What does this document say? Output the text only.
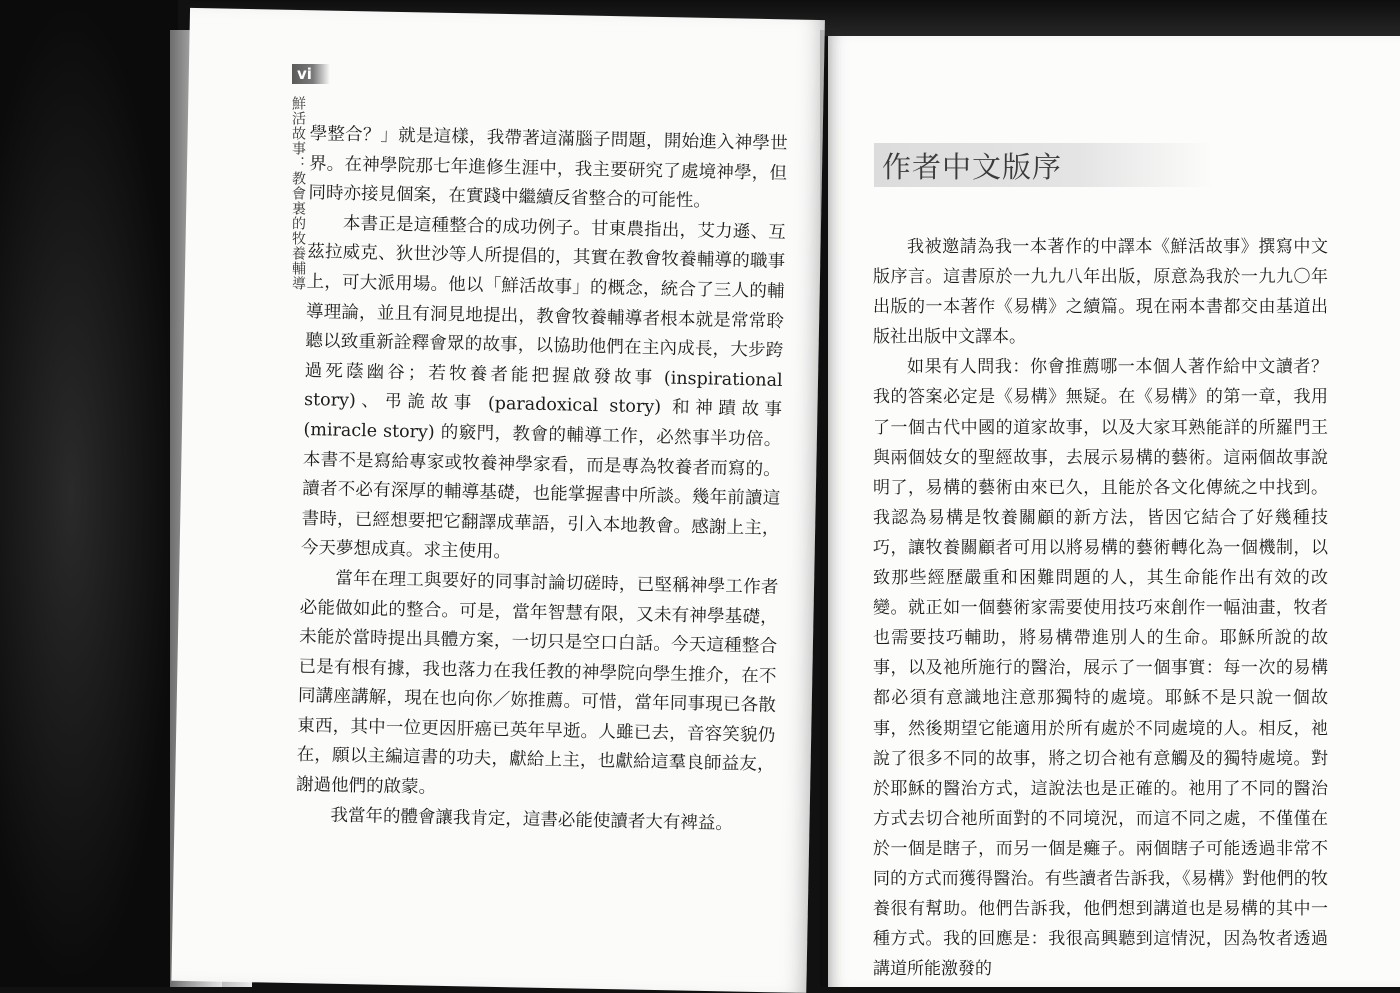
vi
鮮活故事：教會裏的牧養輔導 學整合？」就是這樣，我帶著這滿腦子問題，開始進入神學世界。在神學院那七年進修生涯中，我主要研究了處境神學，但同時亦接見個案，在實踐中繼續反省整合的可能性。

本書正是這種整合的成功例子。甘東農指出，艾力遜、互茲拉威克、狄世沙等人所提倡的，其實在教會牧養輔導的職事上，可大派用場。他以「鮮活故事」的概念，統合了三人的輔導理論，並且有洞見地提出，教會牧養輔導者根本就是常常聆聽以致重新詮釋會眾的故事，以協助他們在主內成長，大步跨過死蔭幽谷；若牧養者能把握啟發故事 (inspirational story)、弔詭故事 (paradoxical story) 和神蹟故事 (miracle story) 的竅門，教會的輔導工作，必然事半功倍。本書不是寫給專家或牧養神學家看，而是專為牧養者而寫的。讀者不必有深厚的輔導基礎，也能掌握書中所談。幾年前讀這書時，已經想要把它翻譯成華語，引入本地教會。感謝上主，今天夢想成真。求主使用。

當年在理工與要好的同事討論切磋時，已堅稱神學工作者必能做如此的整合。可是，當年智慧有限，又未有神學基礎，未能於當時提出具體方案，一切只是空口白話。今天這種整合已是有根有據，我也落力在我任教的神學院向學生推介，在不同講座講解，現在也向你／妳推薦。可惜，當年同事現已各散東西，其中一位更因肝癌已英年早逝。人雖已去，音容笑貌仍在，願以主編這書的功夫，獻給上主，也獻給這羣良師益友，謝過他們的啟蒙。

我當年的體會讓我肯定，這書必能使讀者大有裨益。

作者中文版序

我被邀請為我一本著作的中譯本《鮮活故事》撰寫中文版序言。這書原於一九九八年出版，原意為我於一九九〇年出版的一本著作《易構》之續篇。現在兩本書都交由基道出版社出版中文譯本。

如果有人問我：你會推薦哪一本個人著作給中文讀者？我的答案必定是《易構》無疑。在《易構》的第一章，我用了一個古代中國的道家故事，以及大家耳熟能詳的所羅門王與兩個妓女的聖經故事，去展示易構的藝術。這兩個故事說明了，易構的藝術由來已久，且能於各文化傳統之中找到。我認為易構是牧養關顧的新方法，皆因它結合了好幾種技巧，讓牧養關顧者可用以將易構的藝術轉化為一個機制，以致那些經歷嚴重和困難問題的人，其生命能作出有效的改變。就正如一個藝術家需要使用技巧來創作一幅油畫，牧者也需要技巧輔助，將易構帶進別人的生命。耶穌所說的故事，以及祂所施行的醫治，展示了一個事實：每一次的易構都必須有意識地注意那獨特的處境。耶穌不是只說一個故事，然後期望它能適用於所有處於不同處境的人。相反，祂說了很多不同的故事，將之切合祂有意觸及的獨特處境。對於耶穌的醫治方式，這說法也是正確的。祂用了不同的醫治方式去切合祂所面對的不同境況，而這不同之處，不僅僅在於一個是瞎子，而另一個是癱子。兩個瞎子可能透過非常不同的方式而獲得醫治。有些讀者告訴我，《易構》對他們的牧養很有幫助。他們告訴我，他們想到講道也是易構的其中一種方式。我的回應是：我很高興聽到這情況，因為牧者透過講道所能激發的
